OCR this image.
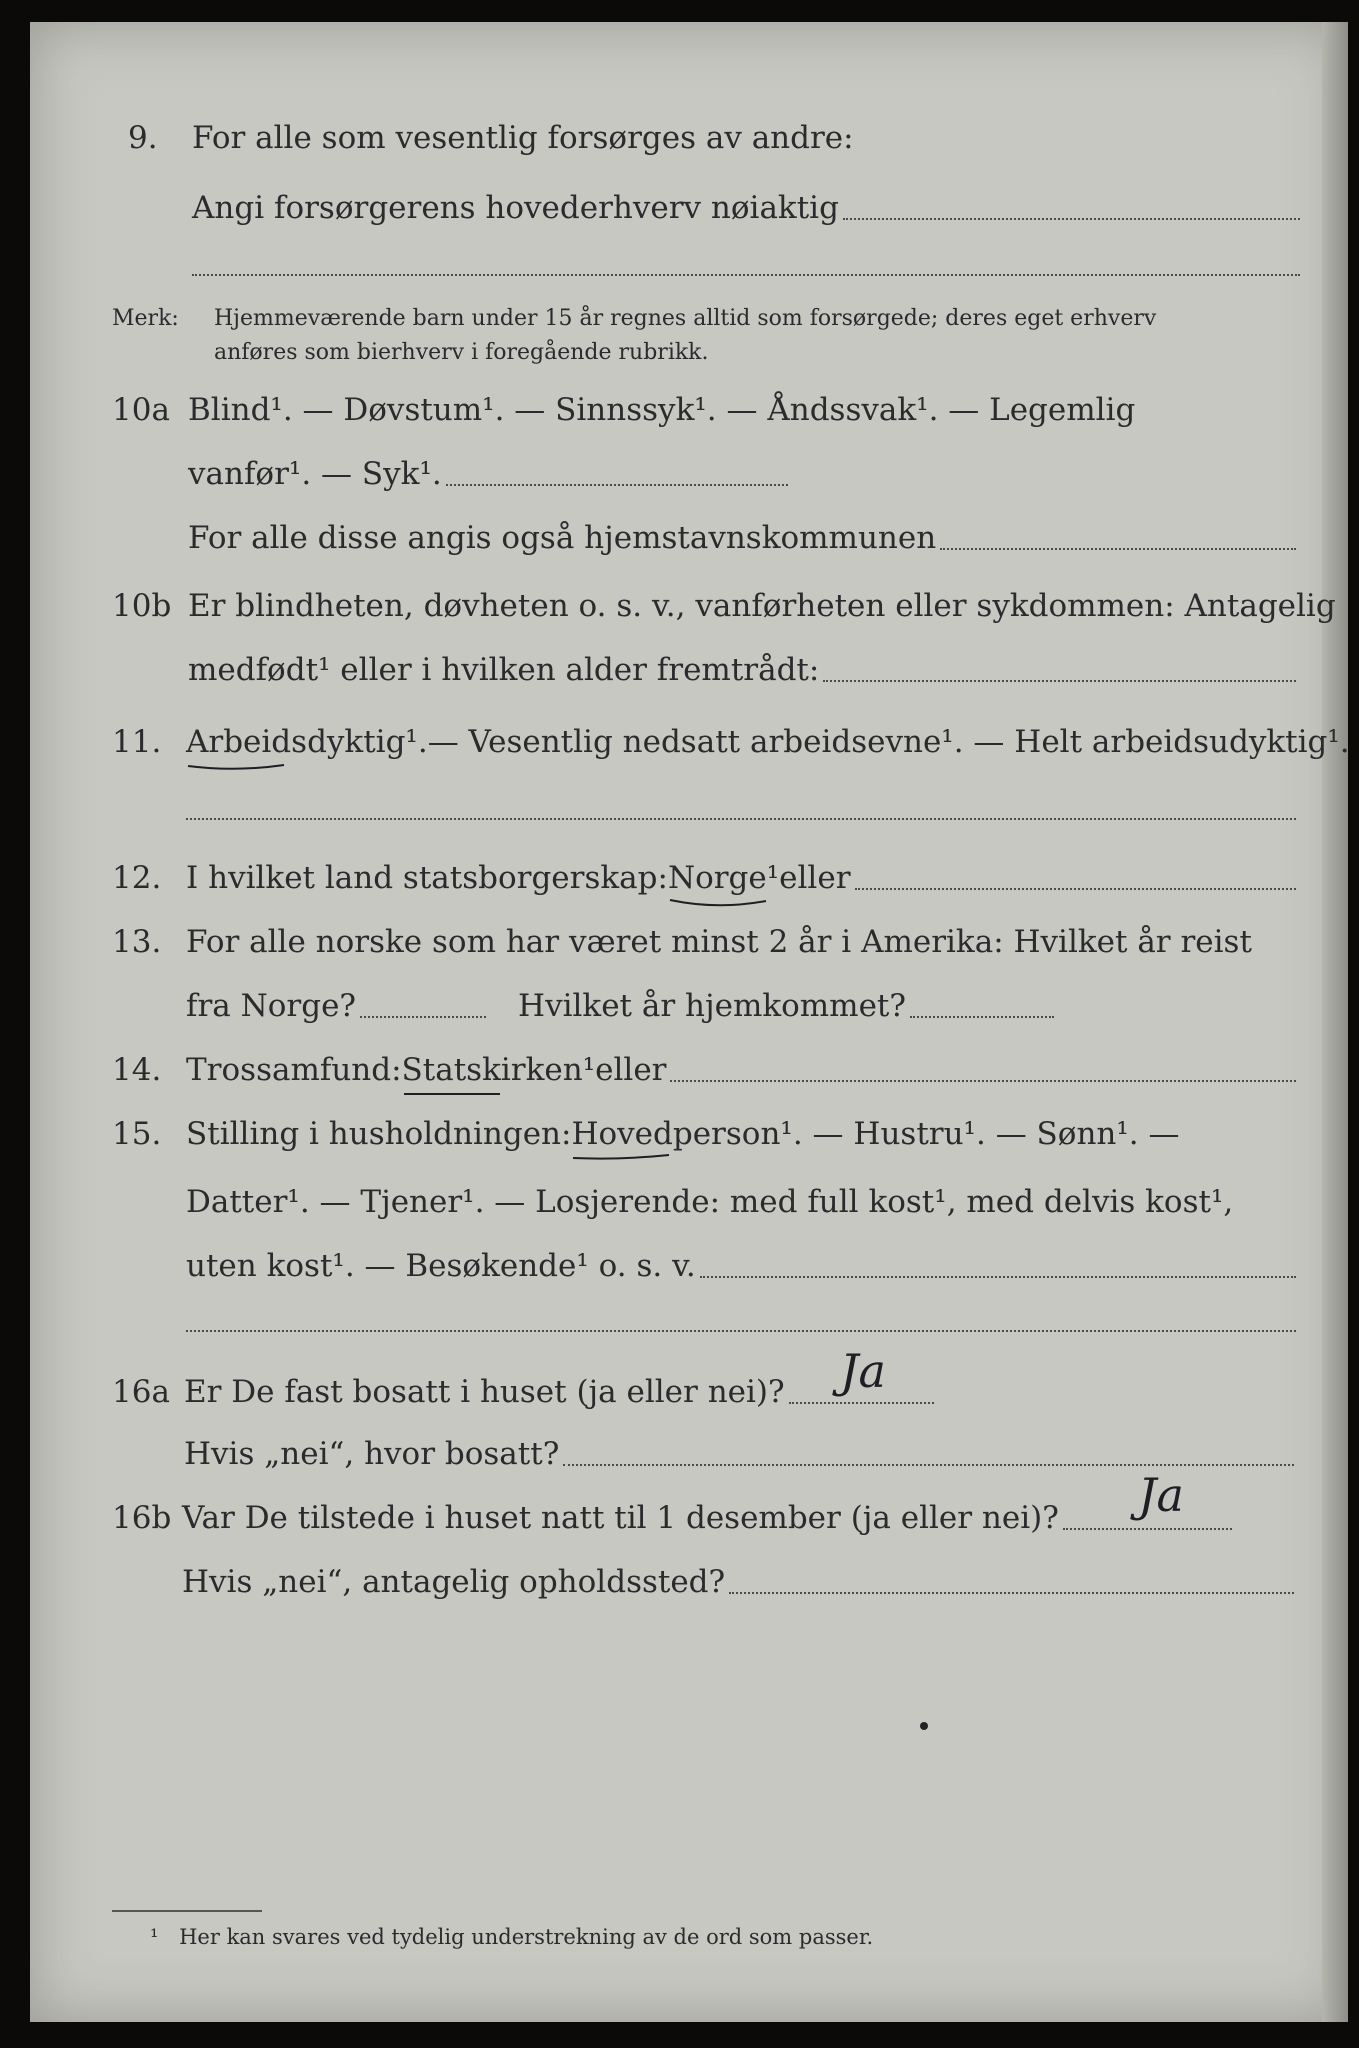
9. For alle som vesentlig forsørges av andre:
Angi forsørgerens hovederhverv nøiaktig
Merk: Hjemmeværende barn under 15 år regnes alltid som forsørgede; deres eget erhverv
anføres som bierhverv i foregående rubrikk.
10a Blind¹. — Døvstum¹. — Sinnssyk¹. — Åndssvak¹. — Legemlig
vanfør¹. — Syk¹.
For alle disse angis også hjemstavnskommunen
10b Er blindheten, døvheten o. s. v., vanførheten eller sykdommen: Antagelig
medfødt¹ eller i hvilken alder fremtrådt:
11. Arbeidsdyktig¹. — Vesentlig nedsatt arbeidsevne¹. — Helt arbeidsudyktig¹.
12. I hvilket land statsborgerskap: Norge¹ eller
13. For alle norske som har været minst 2 år i Amerika: Hvilket år reist
fra Norge?	Hvilket år hjemkommet?
14. Trossamfund: Statskirken¹ eller
15. Stilling i husholdningen: Hovedperson¹ . — Hustru¹. — Sønn¹. —
Datter¹. — Tjener¹. — Losjerende: med full kost¹, med delvis kost¹,
uten kost¹. — Besøkende¹ o. s. v.
16a Er De fast bosatt i huset (ja eller nei)? Ja
Hvis „nei“, hvor bosatt?
16b Var De tilstede i huset natt til 1 desember (ja eller nei)? Ja
Hvis „nei“, antagelig opholdssted?
¹ Her kan svares ved tydelig understrekning av de ord som passer.
